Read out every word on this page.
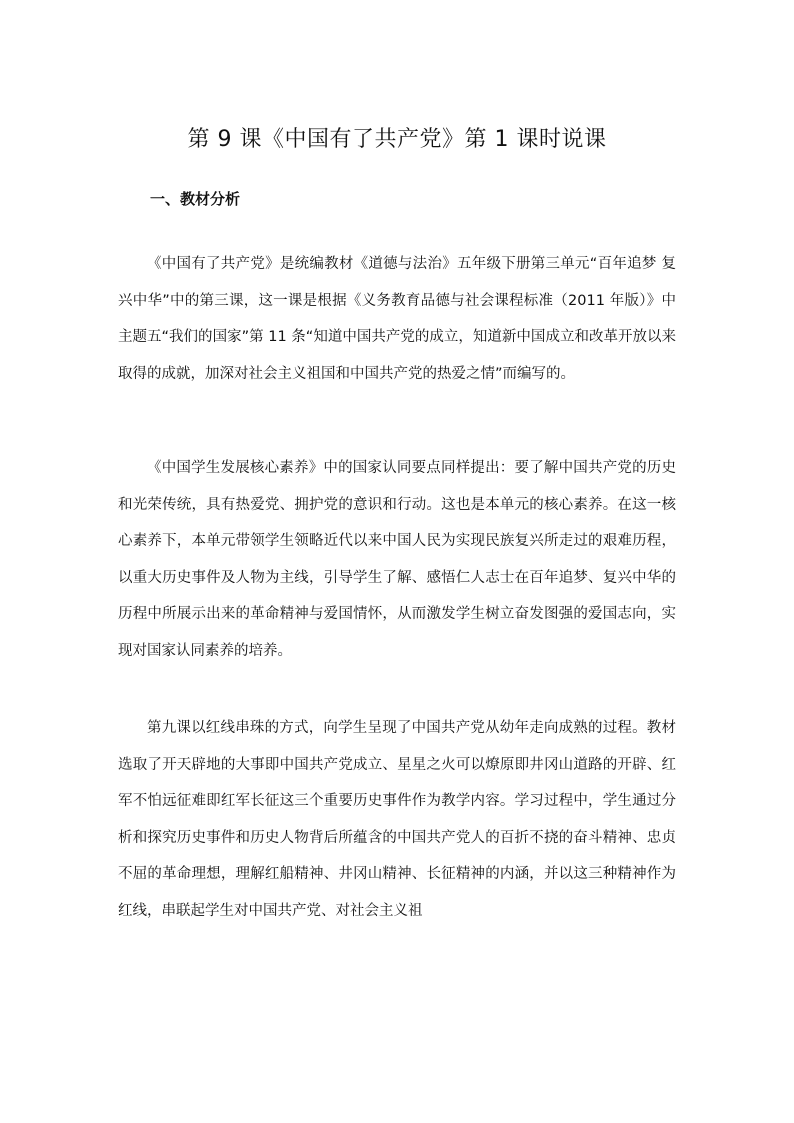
第 9 课《中国有了共产党》第 1 课时说课
一、教材分析

《中国有了共产党》是统编教材《道德与法治》五年级下册第三单元“百年追梦 复兴中华”中的第三课，这一课是根据《义务教育品德与社会课程标准（2011 年版）》中主题五“我们的国家”第 11 条“知道中国共产党的成立，知道新中国成立和改革开放以来取得的成就，加深对社会主义祖国和中国共产党的热爱之情”而编写的。

《中国学生发展核心素养》中的国家认同要点同样提出：要了解中国共产党的历史和光荣传统，具有热爱党、拥护党的意识和行动。这也是本单元的核心素养。在这一核心素养下，本单元带领学生领略近代以来中国人民为实现民族复兴所走过的艰难历程，以重大历史事件及人物为主线，引导学生了解、感悟仁人志士在百年追梦、复兴中华的历程中所展示出来的革命精神与爱国情怀，从而激发学生树立奋发图强的爱国志向，实现对国家认同素养的培养。

第九课以红线串珠的方式，向学生呈现了中国共产党从幼年走向成熟的过程。教材选取了开天辟地的大事即中国共产党成立、星星之火可以燎原即井冈山道路的开辟、红军不怕远征难即红军长征这三个重要历史事件作为教学内容。学习过程中，学生通过分析和探究历史事件和历史人物背后所蕴含的中国共产党人的百折不挠的奋斗精神、忠贞不屈的革命理想，理解红船精神、井冈山精神、长征精神的内涵，并以这三种精神作为红线，串联起学生对中国共产党、对社会主义祖
